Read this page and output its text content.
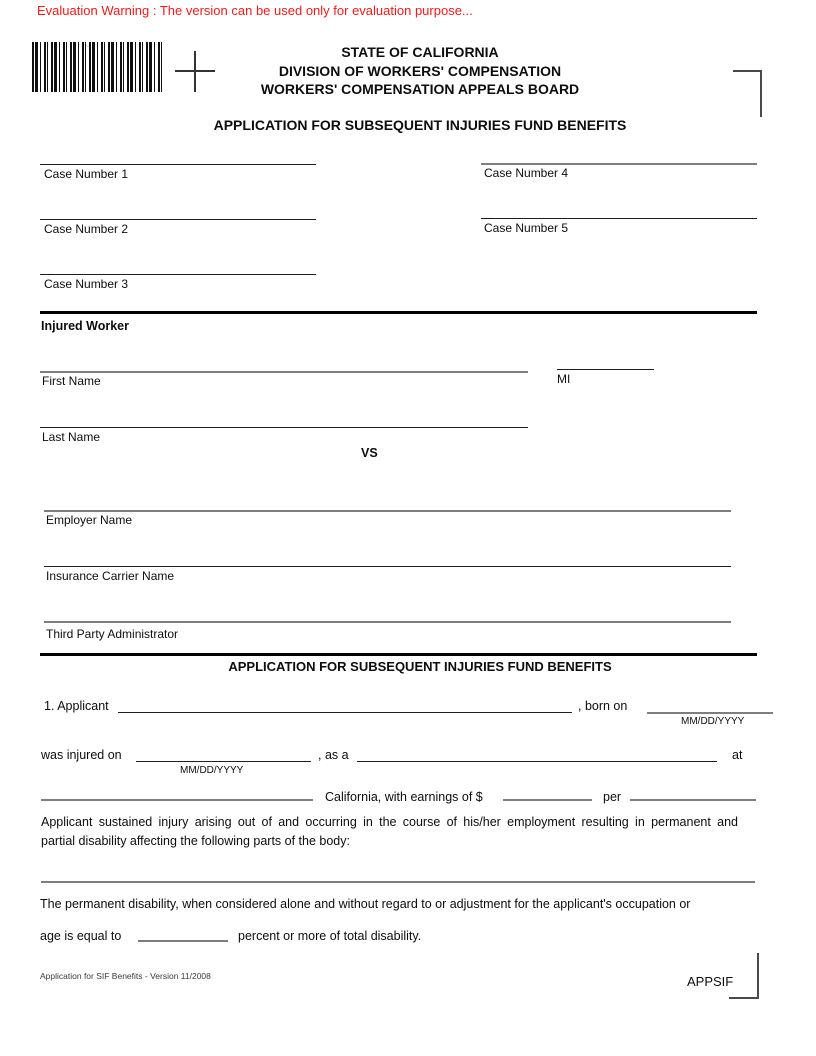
Evaluation Warning : The version can be used only for evaluation purpose...
STATE OF CALIFORNIA
DIVISION OF WORKERS' COMPENSATION
WORKERS' COMPENSATION APPEALS BOARD
APPLICATION FOR SUBSEQUENT INJURIES FUND BENEFITS
Case Number 1	Case Number 4
Case Number 2	Case Number 5
Case Number 3
Injured Worker
First Name	MI
Last Name
VS
Employer Name
Insurance Carrier Name
Third Party Administrator
APPLICATION FOR SUBSEQUENT INJURIES FUND BENEFITS
1. Applicant	, born on
MM/DD/YYYY
was injured on
MM/DD/YYYY
, as a	at
California, with earnings of $	per
Applicant sustained injury arising out of and occurring in the course of his/her employment resulting in permanent and
partial disability affecting the following parts of the body:
The permanent disability, when considered alone and without regard to or adjustment for the applicant's occupation or
age is equal to	percent or more of total disability.
Application for SIF Benefits - Version 11/2008	APPSIF
